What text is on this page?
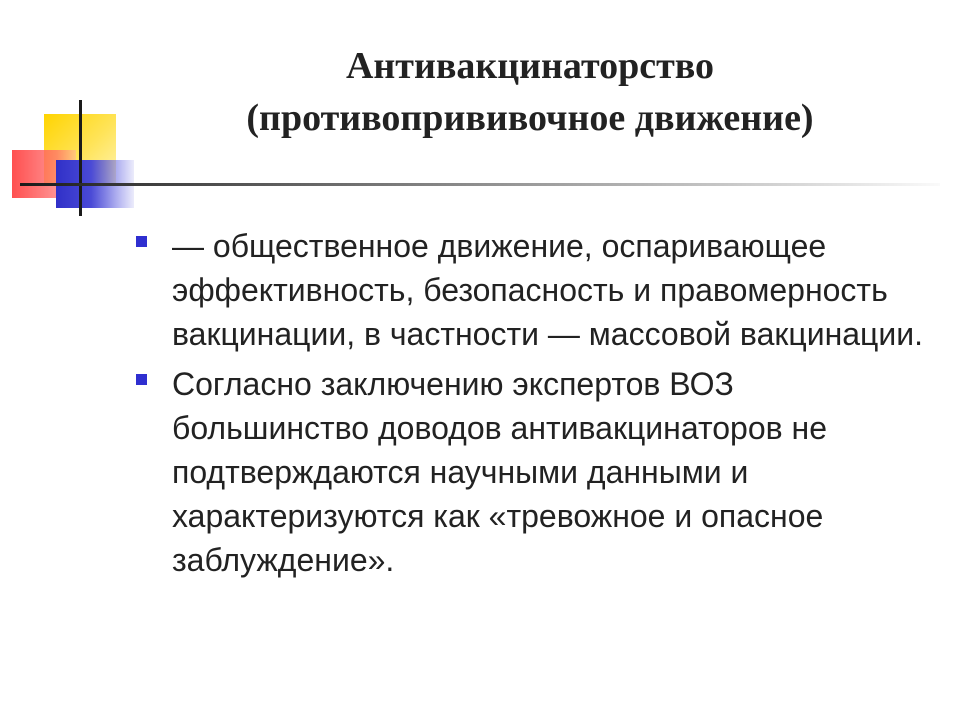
Антивакцинаторство
(противопрививочное движение)
— общественное движение, оспаривающее эффективность, безопасность и правомерность вакцинации, в частности — массовой вакцинации.
Согласно заключению экспертов ВОЗ большинство доводов антивакцинаторов не подтверждаются научными данными и характеризуются как «тревожное и опасное заблуждение».
